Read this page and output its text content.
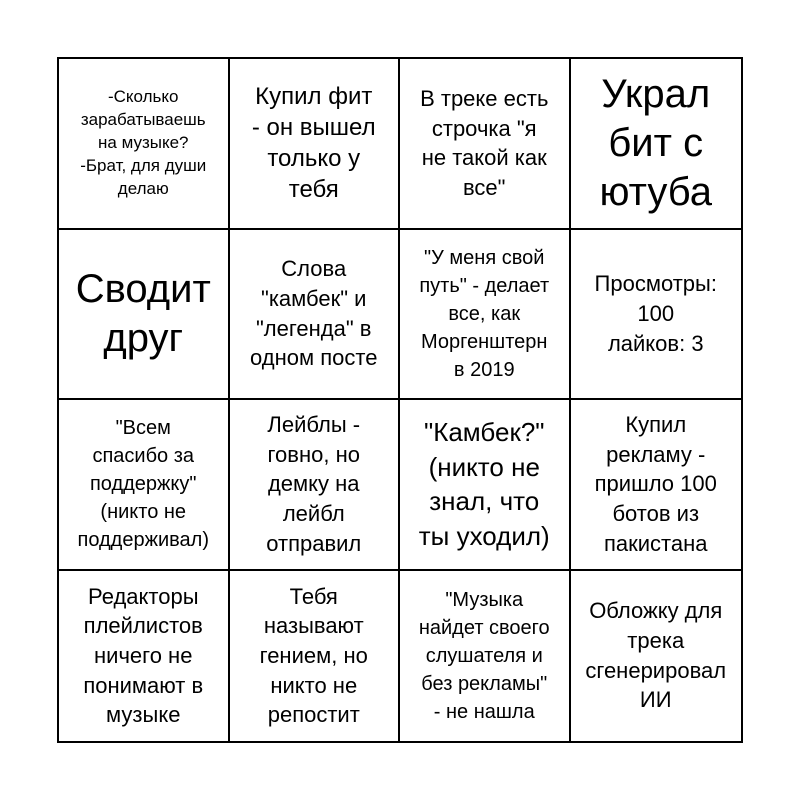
-Сколько
зарабатываешь
на музыке?
-Брат, для души
делаю
Купил фит
- он вышел
только у
тебя
В треке есть
строчка "я
не такой как
все"
Украл
бит с
ютуба
Сводит
друг
Слова
"камбек" и
"легенда" в
одном посте
"У меня свой
путь" - делает
все, как
Моргенштерн
в 2019
Просмотры:
100
лайков: 3
"Всем
спасибо за
поддержку"
(никто не
поддерживал)
Лейблы -
говно, но
демку на
лейбл
отправил
"Камбек?"
(никто не
знал, что
ты уходил)
Купил
рекламу -
пришло 100
ботов из
пакистана
Редакторы
плейлистов
ничего не
понимают в
музыке
Тебя
называют
гением, но
никто не
репостит
"Музыка
найдет своего
слушателя и
без рекламы"
- не нашла
Обложку для
трека
сгенерировал
ИИ
